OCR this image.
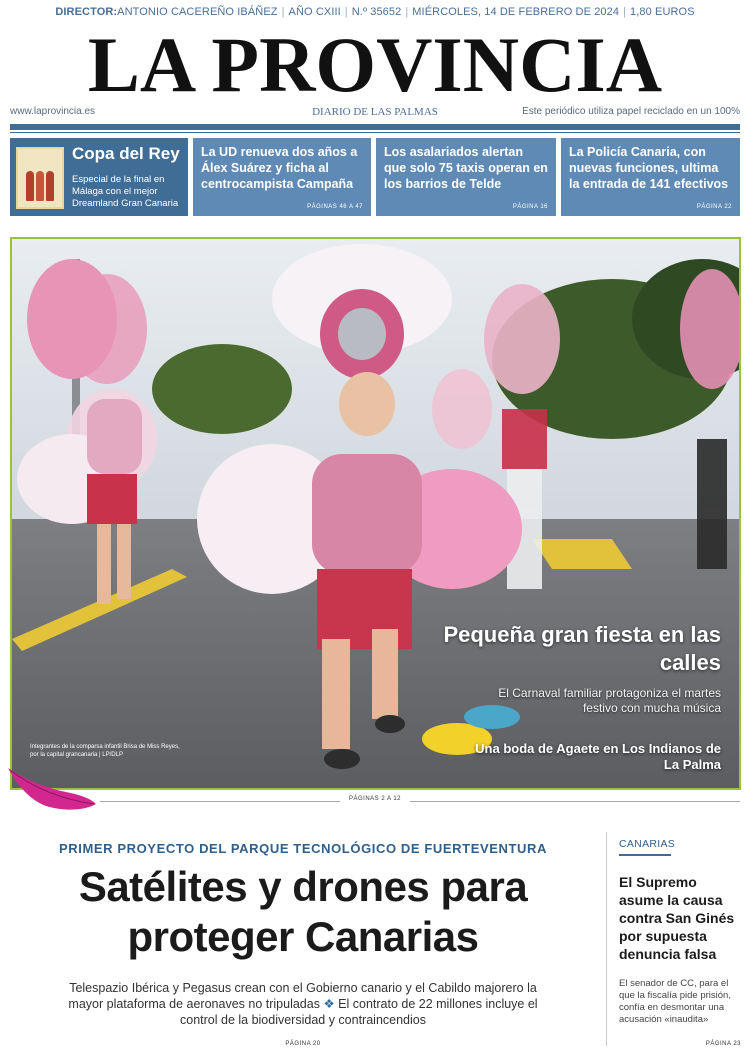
DIRECTOR:ANTONIO CACEREÑO IBÁÑEZ | AÑO CXIII | N.º 35652 | MIÉRCOLES, 14 DE FEBRERO DE 2024 | 1,80 EUROS
LA PROVINCIA
www.laprovincia.es	DIARIO DE LAS PALMAS	Este periódico utiliza papel reciclado en un 100%
Copa del Rey
Especial de la final en Málaga con el mejor Dreamland Gran Canaria
La UD renueva dos años a Álex Suárez y ficha al centrocampista Campaña
PÁGINAS 46 A 47
Los asalariados alertan que solo 75 taxis operan en los barrios de Telde
PÁGINA 16
La Policía Canaria, con nuevas funciones, ultima la entrada de 141 efectivos
PÁGINA 22
Integrantes de la comparsa infantil Brisa de Miss Reyes, por la capital grancanaria | LP/DLP
Pequeña gran fiesta en las calles
El Carnaval familiar protagoniza el martes festivo con mucha música
Una boda de Agaete en Los Indianos de La Palma
PÁGINAS 2 A 12
PRIMER PROYECTO DEL PARQUE TECNOLÓGICO DE FUERTEVENTURA
Satélites y drones para proteger Canarias
Telespazio Ibérica y Pegasus crean con el Gobierno canario y el Cabildo majorero la mayor plataforma de aeronaves no tripuladas ❖ El contrato de 22 millones incluye el control de la biodiversidad y contraincendios
PÁGINA 20
CANARIAS
El Supremo asume la causa contra San Ginés por supuesta denuncia falsa
El senador de CC, para el que la fiscalía pide prisión, confía en desmontar una acusación «inaudita»
PÁGINA 23
